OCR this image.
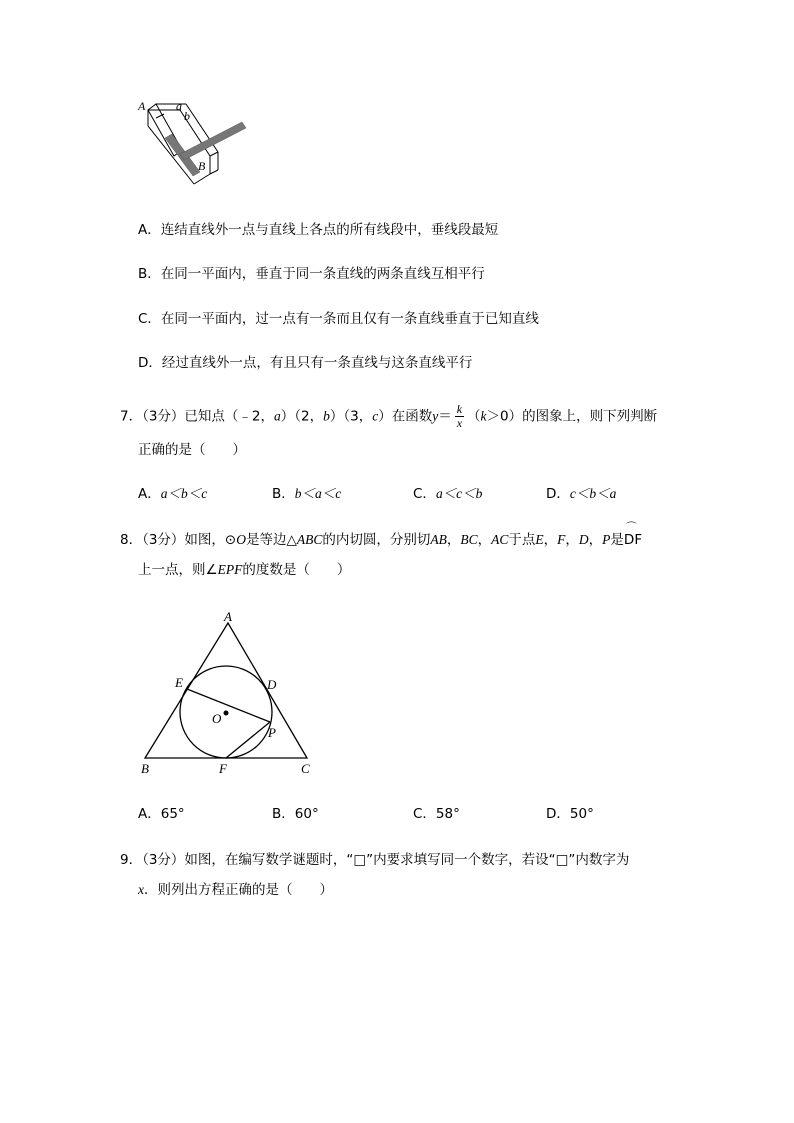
A	a
b
B
A．连结直线外一点与直线上各点的所有线段中，垂线段最短
B．在同一平面内，垂直于同一条直线的两条直线互相平行
C．在同一平面内，过一点有一条而且仅有一条直线垂直于已知直线
D．经过直线外一点，有且只有一条直线与这条直线平行
7．（3分）已知点（﹣2，a）（2，b）（3，c）在函数$y= \frac{k}{x} (k>0)$的图象上，则下列判断
正确的是（　　）
A．a＜b＜c	B．b＜a＜c	C．a＜c＜b	D．c＜b＜a
8．（3分）如图，⊙O是等边△ABC的内切圆，分别切AB，BC，AC于点E，F，D，P是⌒ DF
上一点，则∠EPF的度数是（　　）
A
B	C
D
E
F
O
P
A．65°	B．60°	C．58°	D．50°
9．（3分）如图，在编写数学谜题时，“□”内要求填写同一个数字，若设“□”内数字为
x．则列出方程正确的是（　　）
